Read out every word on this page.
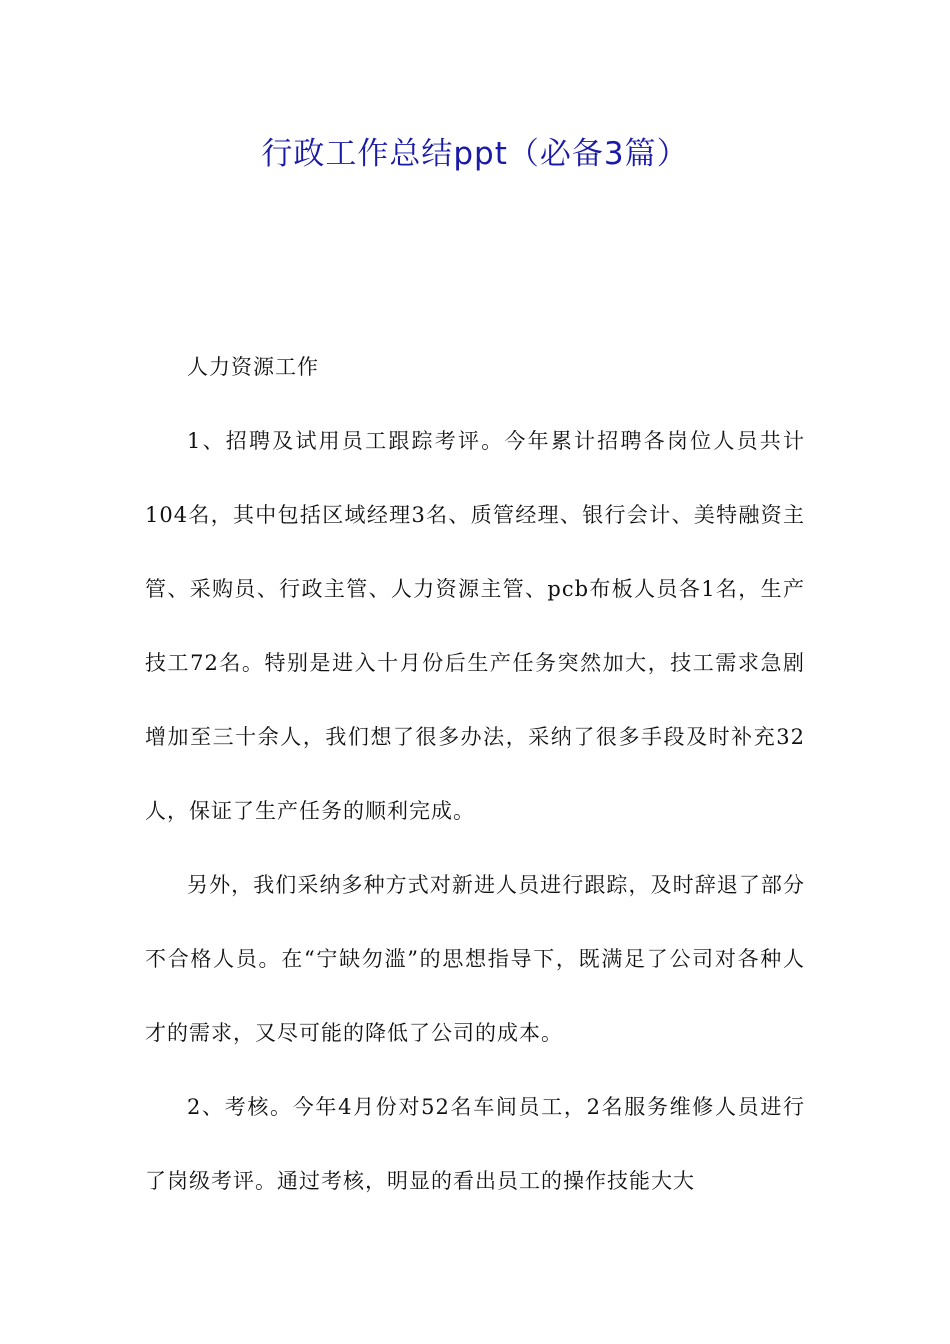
行政工作总结ppt（必备3篇）

人力资源工作

1、招聘及试用员工跟踪考评。今年累计招聘各岗位人员共计104名，其中包括区域经理3名、质管经理、银行会计、美特融资主管、采购员、行政主管、人力资源主管、pcb布板人员各1名，生产技工72名。特别是进入十月份后生产任务突然加大，技工需求急剧增加至三十余人，我们想了很多办法，采纳了很多手段及时补充32人，保证了生产任务的顺利完成。

另外，我们采纳多种方式对新进人员进行跟踪，及时辞退了部分不合格人员。在“宁缺勿滥”的思想指导下，既满足了公司对各种人才的需求，又尽可能的降低了公司的成本。

2、考核。今年4月份对52名车间员工，2名服务维修人员进行了岗级考评。通过考核，明显的看出员工的操作技能大大
